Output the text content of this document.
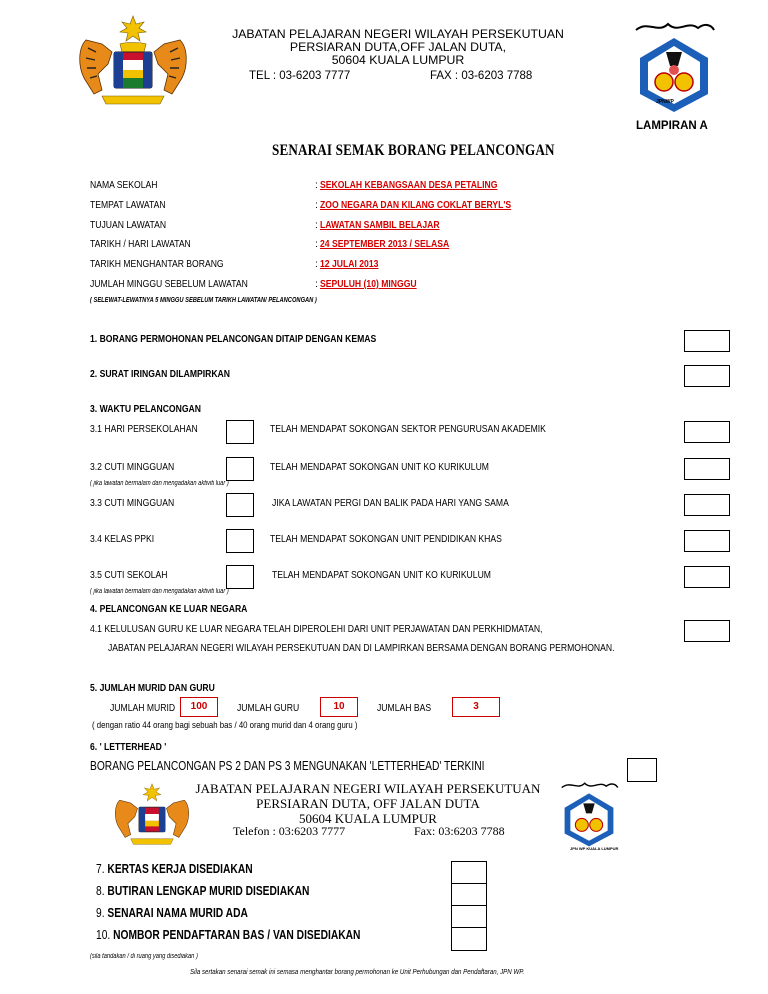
JABATAN PELAJARAN NEGERI WILAYAH PERSEKUTUAN
PERSIARAN DUTA,OFF JALAN DUTA,
50604 KUALA LUMPUR
TEL : 03-6203 7777	FAX : 03-6203 7788
JPNWP
LAMPIRAN A
SENARAI SEMAK BORANG PELANCONGAN
NAMA SEKOLAH	: SEKOLAH KEBANGSAAN DESA PETALING
TEMPAT LAWATAN	: ZOO NEGARA DAN KILANG COKLAT BERYL'S
TUJUAN LAWATAN	: LAWATAN SAMBIL BELAJAR
TARIKH / HARI LAWATAN	: 24 SEPTEMBER 2013 / SELASA
TARIKH MENGHANTAR BORANG	: 12 JULAI 2013
JUMLAH MINGGU SEBELUM LAWATAN	: SEPULUH (10) MINGGU
( SELEWAT-LEWATNYA 5 MINGGU SEBELUM TARIKH LAWATAN/ PELANCONGAN )
1. BORANG PERMOHONAN PELANCONGAN DITAIP DENGAN KEMAS
2. SURAT IRINGAN DILAMPIRKAN
3. WAKTU PELANCONGAN
3.1 HARI PERSEKOLAHAN	TELAH MENDAPAT SOKONGAN SEKTOR PENGURUSAN AKADEMIK
3.2 CUTI MINGGUAN	TELAH MENDAPAT SOKONGAN UNIT KO KURIKULUM
( jika lawatan bermalam dan mengadakan aktiviti luar )
3.3 CUTI MINGGUAN	JIKA LAWATAN PERGI DAN BALIK PADA HARI YANG SAMA
3.4 KELAS PPKI	TELAH MENDAPAT SOKONGAN UNIT PENDIDIKAN KHAS
3.5 CUTI SEKOLAH	TELAH MENDAPAT SOKONGAN UNIT KO KURIKULUM
( jika lawatan bermalam dan mengadakan aktiviti luar )
4. PELANCONGAN KE LUAR NEGARA
4.1 KELULUSAN GURU KE LUAR NEGARA TELAH DIPEROLEHI DARI UNIT PERJAWATAN DAN PERKHIDMATAN,
JABATAN PELAJARAN NEGERI WILAYAH PERSEKUTUAN DAN DI LAMPIRKAN BERSAMA DENGAN BORANG PERMOHONAN.
5. JUMLAH MURID DAN GURU
JUMLAH MURID	100	JUMLAH GURU	10	JUMLAH BAS	3
( dengan ratio 44 orang bagi sebuah bas / 40 orang murid dan 4 orang guru )
6. ' LETTERHEAD '
BORANG PELANCONGAN PS 2 DAN PS 3 MENGUNAKAN 'LETTERHEAD' TERKINI
JABATAN PELAJARAN NEGERI WILAYAH PERSEKUTUAN
PERSIARAN DUTA, OFF JALAN DUTA
50604 KUALA LUMPUR
Telefon : 03:6203 7777	Fax: 03:6203 7788
JPN WP KUALA LUMPUR
7. KERTAS KERJA DISEDIAKAN
8. BUTIRAN LENGKAP MURID DISEDIAKAN
9. SENARAI NAMA MURID ADA
10. NOMBOR PENDAFTARAN BAS / VAN DISEDIAKAN
(sila tandakan / di ruang yang disediakan )
Sila sertakan senarai semak ini semasa menghantar borang permohonan ke Unit Perhubungan dan Pendaftaran, JPN WP.
